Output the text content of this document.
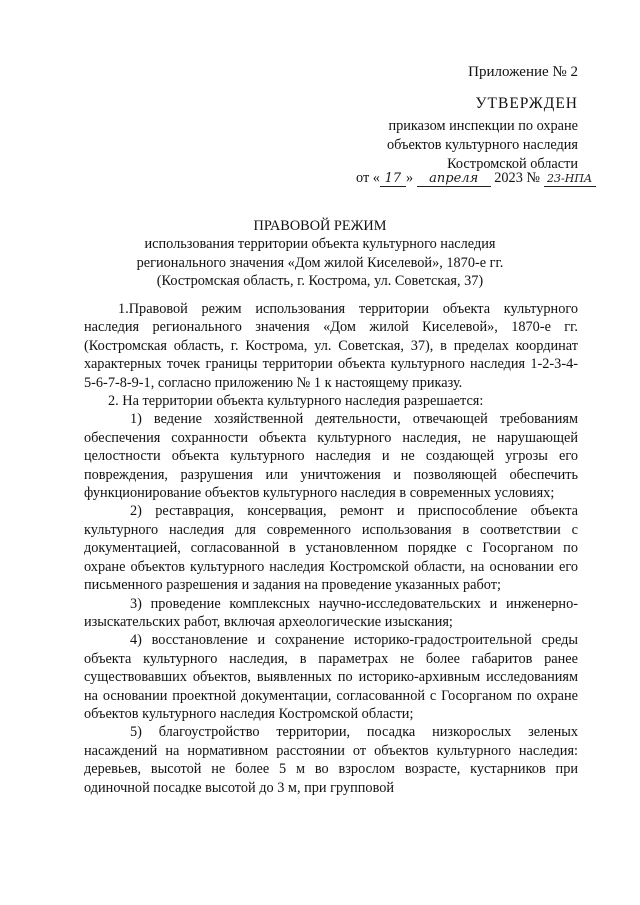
Приложение № 2
УТВЕРЖДЕН
приказом инспекции по охране
объектов культурного наследия
Костромской области
от « 17 » апреля 2023 № 23-НПА
ПРАВОВОЙ РЕЖИМ
использования территории объекта культурного наследия
регионального значения «Дом жилой Киселевой», 1870-е гг.
(Костромская область, г. Кострома, ул. Советская, 37)

1.Правовой режим использования территории объекта культурного наследия регионального значения «Дом жилой Киселевой», 1870-е гг. (Костромская область, г. Кострома, ул. Советская, 37), в пределах координат характерных точек границы территории объекта культурного наследия 1-2-3-4-5-6-7-8-9-1, согласно приложению № 1 к настоящему приказу.

2. На территории объекта культурного наследия разрешается:

1) ведение хозяйственной деятельности, отвечающей требованиям обеспечения сохранности объекта культурного наследия, не нарушающей целостности объекта культурного наследия и не создающей угрозы его повреждения, разрушения или уничтожения и позволяющей обеспечить функционирование объектов культурного наследия в современных условиях;

2) реставрация, консервация, ремонт и приспособление объекта культурного наследия для современного использования в соответствии с документацией, согласованной в установленном порядке с Госорганом по охране объектов культурного наследия Костромской области, на основании его письменного разрешения и задания на проведение указанных работ;

3) проведение комплексных научно-исследовательских и инженерно-изыскательских работ, включая археологические изыскания;

4) восстановление и сохранение историко-градостроительной среды объекта культурного наследия, в параметрах не более габаритов ранее существовавших объектов, выявленных по историко-архивным исследованиям на основании проектной документации, согласованной с Госорганом по охране объектов культурного наследия Костромской области;

5) благоустройство территории, посадка низкорослых зеленых насаждений на нормативном расстоянии от объектов культурного наследия: деревьев, высотой не более 5 м во взрослом возрасте, кустарников при одиночной посадке высотой до 3 м, при групповой
